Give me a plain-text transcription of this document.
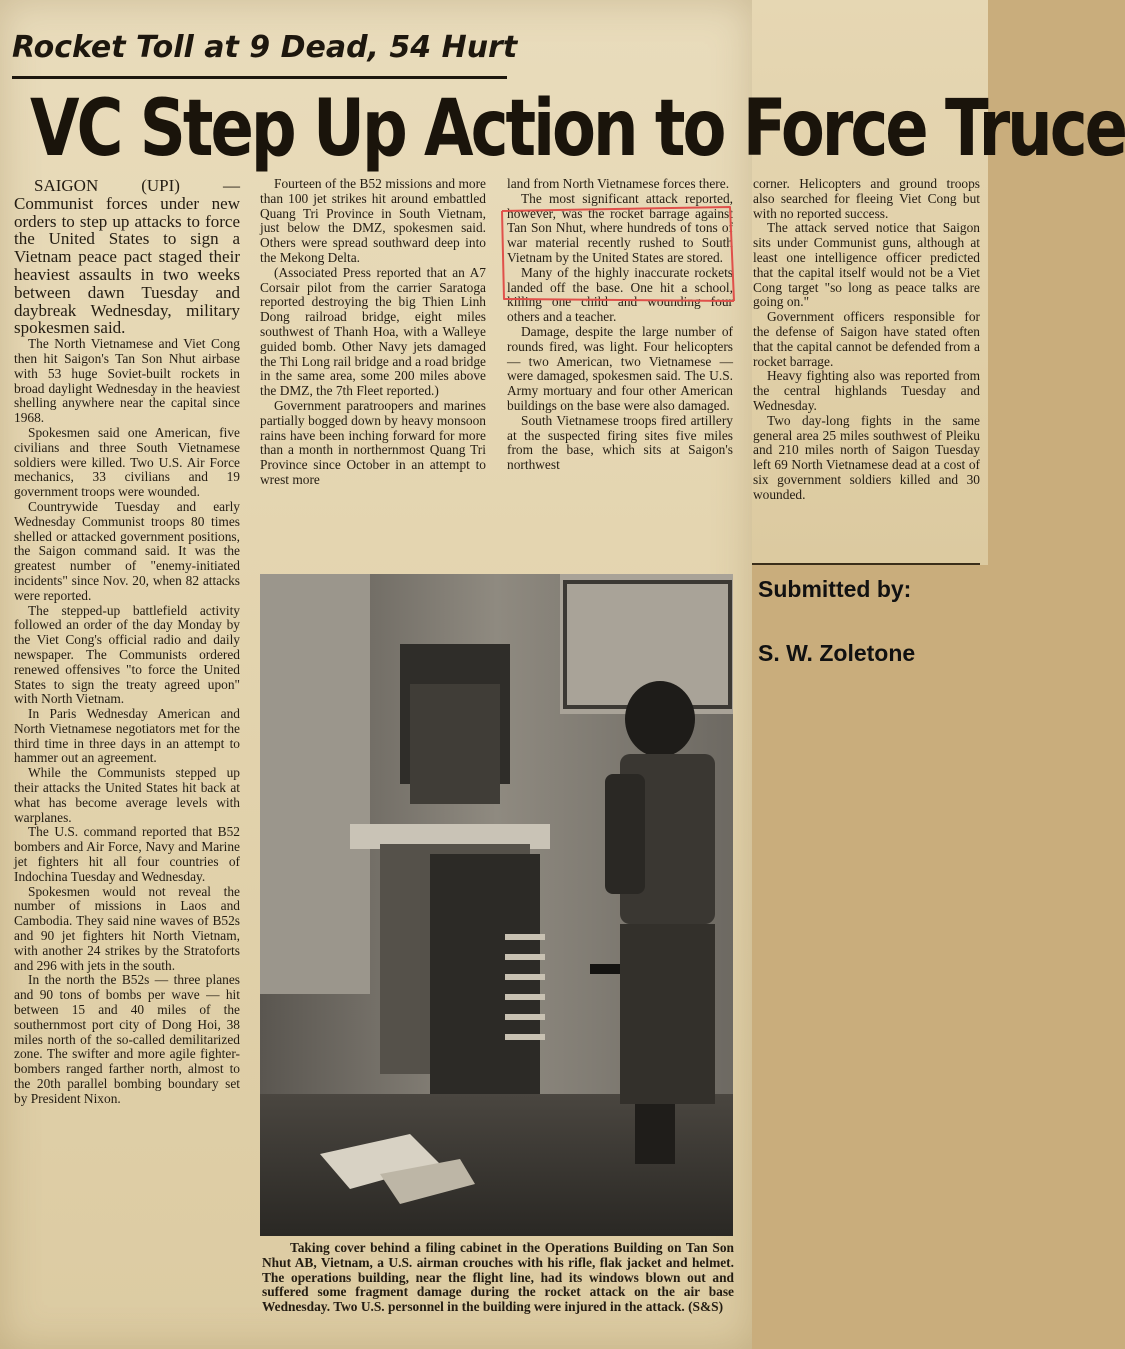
Rocket Toll at 9 Dead, 54 Hurt
VC Step Up Action to Force Truce

SAIGON (UPI) — Communist forces under new orders to step up attacks to force the United States to sign a Vietnam peace pact staged their heaviest assaults in two weeks between dawn Tuesday and daybreak Wednesday, military spokesmen said.

The North Vietnamese and Viet Cong then hit Saigon's Tan Son Nhut airbase with 53 huge Soviet-built rockets in broad daylight Wednesday in the heaviest shelling anywhere near the capital since 1968.

Spokesmen said one American, five civilians and three South Vietnamese soldiers were killed. Two U.S. Air Force mechanics, 33 civilians and 19 government troops were wounded.

Countrywide Tuesday and early Wednesday Communist troops 80 times shelled or attacked government positions, the Saigon command said. It was the greatest number of "enemy-initiated incidents" since Nov. 20, when 82 attacks were reported.

The stepped-up battlefield activity followed an order of the day Monday by the Viet Cong's official radio and daily newspaper. The Communists ordered renewed offensives "to force the United States to sign the treaty agreed upon" with North Vietnam.

In Paris Wednesday American and North Vietnamese negotiators met for the third time in three days in an attempt to hammer out an agreement.

While the Communists stepped up their attacks the United States hit back at what has become average levels with warplanes.

The U.S. command reported that B52 bombers and Air Force, Navy and Marine jet fighters hit all four countries of Indochina Tuesday and Wednesday.

Spokesmen would not reveal the number of missions in Laos and Cambodia. They said nine waves of B52s and 90 jet fighters hit North Vietnam, with another 24 strikes by the Stratoforts and 296 with jets in the south.

In the north the B52s — three planes and 90 tons of bombs per wave — hit between 15 and 40 miles of the southernmost port city of Dong Hoi, 38 miles north of the so-called demilitarized zone. The swifter and more agile fighter-bombers ranged farther north, almost to the 20th parallel bombing boundary set by President Nixon.

Fourteen of the B52 missions and more than 100 jet strikes hit around embattled Quang Tri Province in South Vietnam, just below the DMZ, spokesmen said. Others were spread southward deep into the Mekong Delta.

(Associated Press reported that an A7 Corsair pilot from the carrier Saratoga reported destroying the big Thien Linh Dong railroad bridge, eight miles southwest of Thanh Hoa, with a Walleye guided bomb. Other Navy jets damaged the Thi Long rail bridge and a road bridge in the same area, some 200 miles above the DMZ, the 7th Fleet reported.)

Government paratroopers and marines partially bogged down by heavy monsoon rains have been inching forward for more than a month in northernmost Quang Tri Province since October in an attempt to wrest more

land from North Vietnamese forces there.

The most significant attack reported, however, was the rocket barrage against Tan Son Nhut, where hundreds of tons of war material recently rushed to South Vietnam by the United States are stored.

Many of the highly inaccurate rockets landed off the base. One hit a school, killing one child and wounding four others and a teacher.

Damage, despite the large number of rounds fired, was light. Four helicopters — two American, two Vietnamese — were damaged, spokesmen said. The U.S. Army mortuary and four other American buildings on the base were also damaged.

South Vietnamese troops fired artillery at the suspected firing sites five miles from the base, which sits at Saigon's northwest

corner. Helicopters and ground troops also searched for fleeing Viet Cong but with no reported success.

The attack served notice that Saigon sits under Communist guns, although at least one intelligence officer predicted that the capital itself would not be a Viet Cong target "so long as peace talks are going on."

Government officers responsible for the defense of Saigon have stated often that the capital cannot be defended from a rocket barrage.

Heavy fighting also was reported from the central highlands Tuesday and Wednesday.

Two day-long fights in the same general area 25 miles southwest of Pleiku and 210 miles north of Saigon Tuesday left 69 North Vietnamese dead at a cost of six government soldiers killed and 30 wounded.

Taking cover behind a filing cabinet in the Operations Building on Tan Son Nhut AB, Vietnam, a U.S. airman crouches with his rifle, flak jacket and helmet. The operations building, near the flight line, had its windows blown out and suffered some fragment damage during the rocket attack on the air base Wednesday. Two U.S. personnel in the building were injured in the attack. (S&S)
Submitted by:
S. W. Zoletone
